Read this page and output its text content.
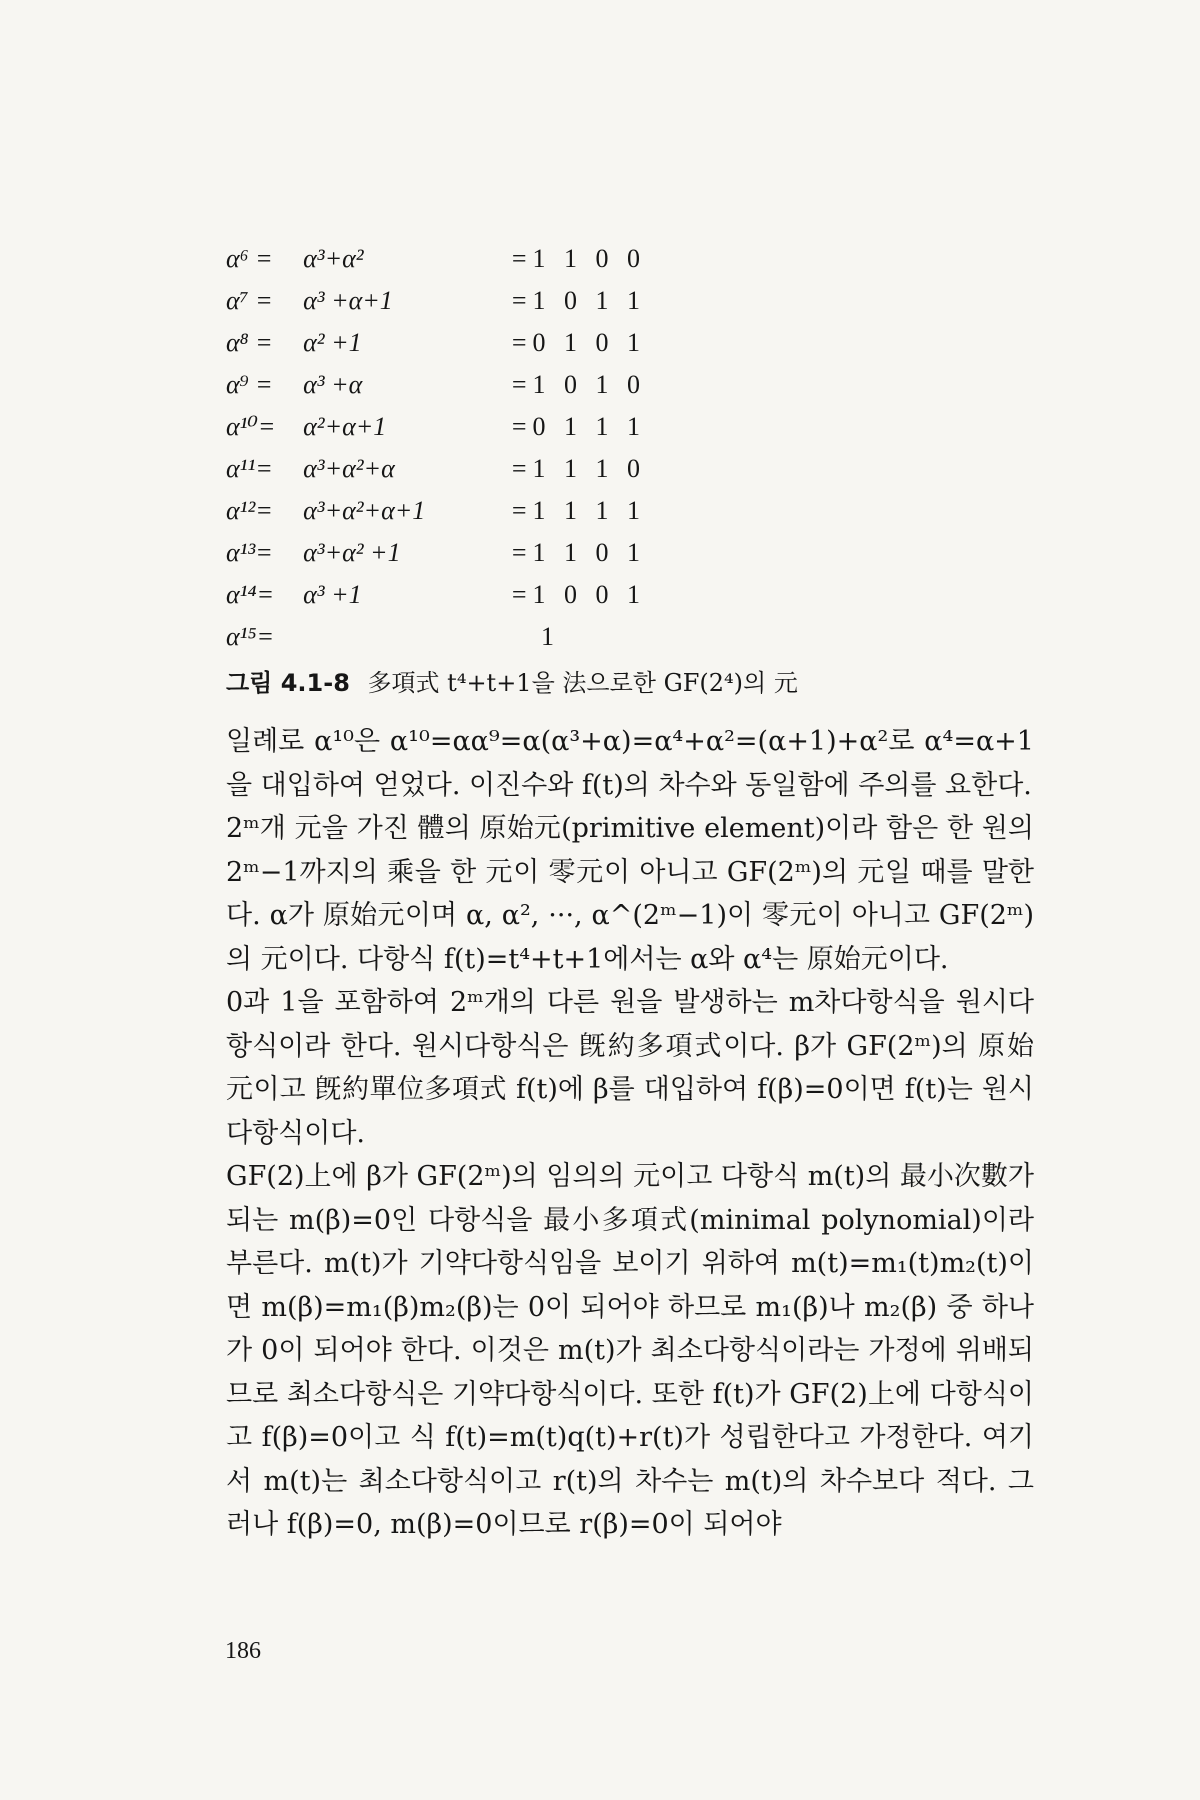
α⁶ =	α³+α²	=1 1 0 0
α⁷ =	α³ +α+1	=1 0 1 1
α⁸ =	α² +1	=0 1 0 1
α⁹ =	α³ +α	=1 0 1 0
α¹⁰=	α²+α+1	=0 1 1 1
α¹¹=	α³+α²+α	=1 1 1 0
α¹²=	α³+α²+α+1	=1 1 1 1
α¹³=	α³+α² +1	=1 1 0 1
α¹⁴=	α³ +1	=1 0 0 1
α¹⁵=	1
그림 4.1-8 多項式 t⁴+t+1을 法으로한 GF(2⁴)의 元

일례로 α¹⁰은 α¹⁰=αα⁹=α(α³+α)=α⁴+α²=(α+1)+α²로 α⁴=α+1을 대입하여 얻었다. 이진수와 f(t)의 차수와 동일함에 주의를 요한다.

2ᵐ개 元을 가진 體의 原始元(primitive element)이라 함은 한 원의 2ᵐ−1까지의 乘을 한 元이 零元이 아니고 GF(2ᵐ)의 元일 때를 말한다. α가 原始元이며 α, α², ···, α^(2ᵐ−1)이 零元이 아니고 GF(2ᵐ)의 元이다. 다항식 f(t)=t⁴+t+1에서는 α와 α⁴는 原始元이다.

0과 1을 포함하여 2ᵐ개의 다른 원을 발생하는 m차다항식을 원시다항식이라 한다. 원시다항식은 旣約多項式이다. β가 GF(2ᵐ)의 原始元이고 旣約單位多項式 f(t)에 β를 대입하여 f(β)=0이면 f(t)는 원시다항식이다.

GF(2)上에 β가 GF(2ᵐ)의 임의의 元이고 다항식 m(t)의 最小次數가 되는 m(β)=0인 다항식을 最小多項式(minimal polynomial)이라 부른다. m(t)가 기약다항식임을 보이기 위하여 m(t)=m₁(t)m₂(t)이면 m(β)=m₁(β)m₂(β)는 0이 되어야 하므로 m₁(β)나 m₂(β) 중 하나가 0이 되어야 한다. 이것은 m(t)가 최소다항식이라는 가정에 위배되므로 최소다항식은 기약다항식이다. 또한 f(t)가 GF(2)上에 다항식이고 f(β)=0이고 식 f(t)=m(t)q(t)+r(t)가 성립한다고 가정한다. 여기서 m(t)는 최소다항식이고 r(t)의 차수는 m(t)의 차수보다 적다. 그러나 f(β)=0, m(β)=0이므로 r(β)=0이 되어야

186
